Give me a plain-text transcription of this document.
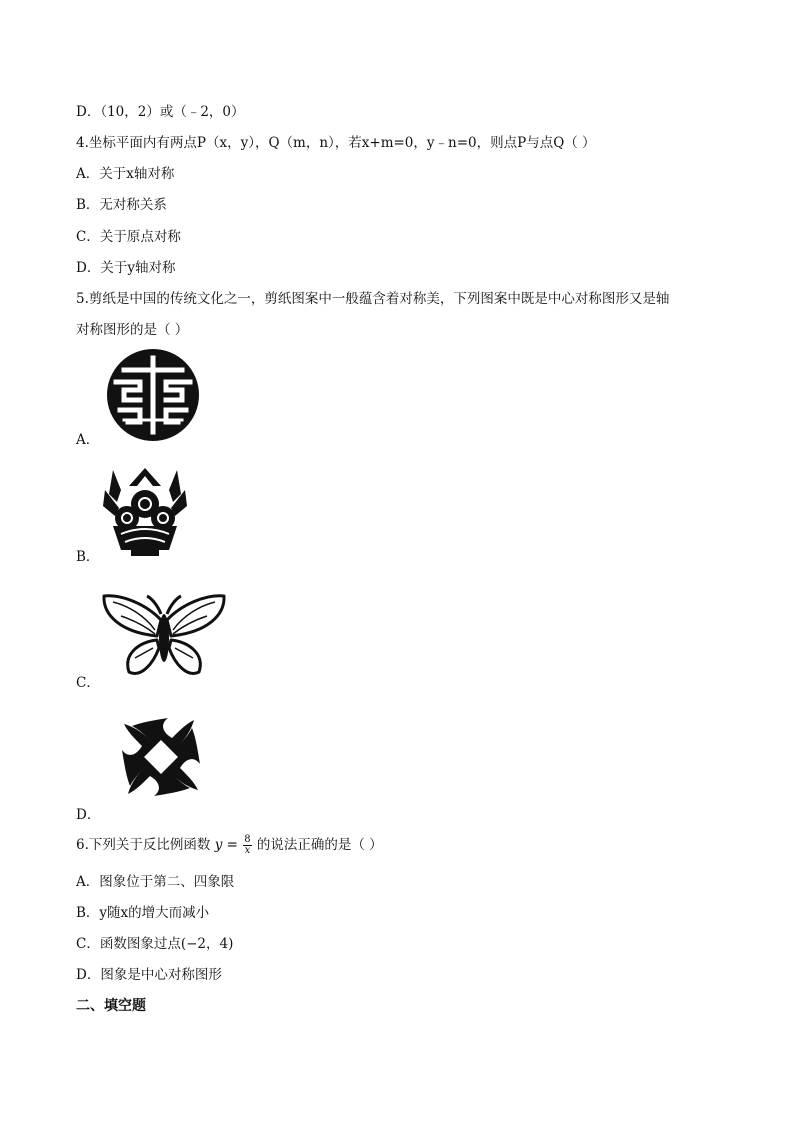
D．（10，2）或（﹣2，0）
4.坐标平面内有两点P（x，y），Q（m，n），若x+m=0，y﹣n=0，则点P与点Q（ ）
A．关于x轴对称
B．无对称关系
C．关于原点对称
D．关于y轴对称
5.剪纸是中国的传统文化之一，剪纸图案中一般蕴含着对称美，下列图案中既是中心对称图形又是轴
对称图形的是（ ）
A．
B．
C．
D．
6.下列关于反比例函数 $y = \frac{8}{x}$ 的说法正确的是（ ）
A．图象位于第二、四象限
B．y随x的增大而减小
C．函数图象过点(−2，4)
D．图象是中心对称图形
二、填空题
